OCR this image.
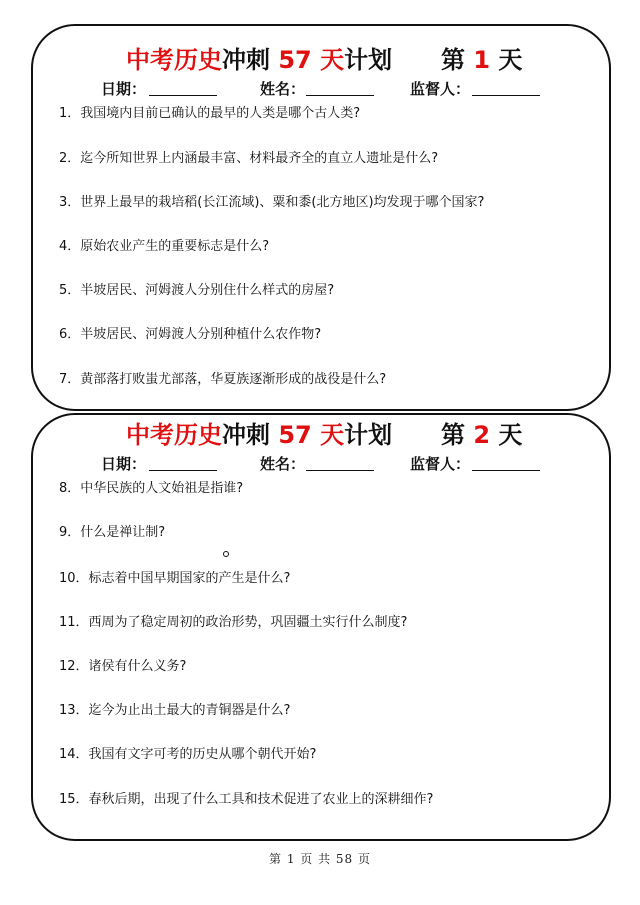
中考历史冲刺 57 天计划 第 1 天
日期：	姓名：	监督人：
1．我国境内目前已确认的最早的人类是哪个古人类?
2．迄今所知世界上内涵最丰富、材料最齐全的直立人遗址是什么?
3．世界上最早的栽培稻(长江流域)、粟和黍(北方地区)均发现于哪个国家?
4．原始农业产生的重要标志是什么?
5．半坡居民、河姆渡人分别住什么样式的房屋?
6．半坡居民、河姆渡人分别种植什么农作物?
7．黄部落打败蚩尤部落，华夏族逐渐形成的战役是什么?
中考历史冲刺 57 天计划 第 2 天
日期：	姓名：	监督人：
8．中华民族的人文始祖是指谁?
9．什么是禅让制?
10．标志着中国早期国家的产生是什么?
11．西周为了稳定周初的政治形势，巩固疆土实行什么制度?
12．诸侯有什么义务?
13．迄今为止出土最大的青铜器是什么?
14．我国有文字可考的历史从哪个朝代开始?
15．春秋后期，出现了什么工具和技术促进了农业上的深耕细作?
第 1 页 共 58 页
